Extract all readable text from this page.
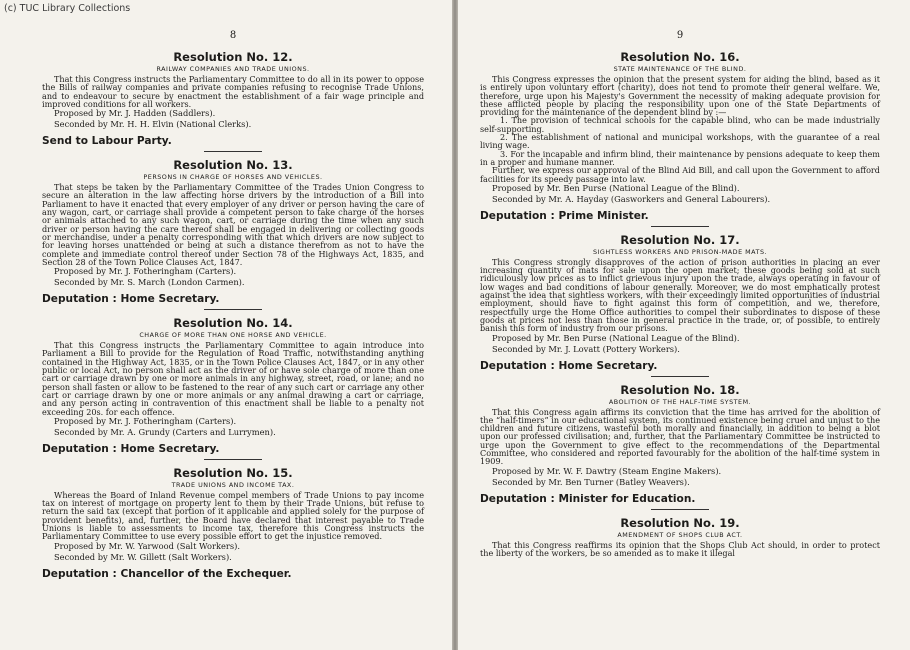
(c) TUC Library Collections
8
Resolution No. 12.
RAILWAY COMPANIES AND TRADE UNIONS.

That this Congress instructs the Parliamentary Committee to do all in its power to oppose the Bills of railway companies and private companies refusing to recognise Trade Unions, and to endeavour to secure by enactment the establishment of a fair wage principle and improved conditions for all workers.

Proposed by Mr. J. Hadden (Saddlers).
Seconded by Mr. H. H. Elvin (National Clerks).
Send to Labour Party.
Resolution No. 13.
PERSONS IN CHARGE OF HORSES AND VEHICLES.

That steps be taken by the Parliamentary Committee of the Trades Union Congress to secure an alteration in the law affecting horse drivers by the introduction of a Bill into Parliament to have it enacted that every employer of any driver or person having the care of any wagon, cart, or carriage shall provide a competent person to take charge of the horses or animals attached to any such wagon, cart, or carriage during the time when any such driver or person having the care thereof shall be engaged in delivering or collecting goods or merchandise, under a penalty corresponding with that which drivers are now subject to for leaving horses unattended or being at such a distance therefrom as not to have the complete and immediate control thereof under Section 78 of the Highways Act, 1835, and Section 28 of the Town Police Clauses Act, 1847.

Proposed by Mr. J. Fotheringham (Carters).
Seconded by Mr. S. March (London Carmen).
Deputation : Home Secretary.
Resolution No. 14.
CHARGE OF MORE THAN ONE HORSE AND VEHICLE.

That this Congress instructs the Parliamentary Committee to again introduce into Parliament a Bill to provide for the Regulation of Road Traffic, notwithstanding anything contained in the Highway Act, 1835, or in the Town Police Clauses Act, 1847, or in any other public or local Act, no person shall act as the driver of or have sole charge of more than one cart or carriage drawn by one or more animals in any highway, street, road, or lane; and no person shall fasten or allow to be fastened to the rear of any such cart or carriage any other cart or carriage drawn by one or more animals or any animal drawing a cart or carriage, and any person acting in contravention of this enactment shall be liable to a penalty not exceeding 20s. for each offence.

Proposed by Mr. J. Fotheringham (Carters).
Seconded by Mr. A. Grundy (Carters and Lurrymen).
Deputation : Home Secretary.
Resolution No. 15.
TRADE UNIONS AND INCOME TAX.

Whereas the Board of Inland Revenue compel members of Trade Unions to pay income tax on interest of mortgage on property lent to them by their Trade Unions, but refuse to return the said tax (except that portion of it applicable and applied solely for the purpose of provident benefits), and, further, the Board have declared that interest payable to Trade Unions is liable to assessments to income tax, therefore this Congress instructs the Parliamentary Committee to use every possible effort to get the injustice removed.

Proposed by Mr. W. Yarwood (Salt Workers).
Seconded by Mr. W. Gillett (Salt Workers).
Deputation : Chancellor of the Exchequer.
9
Resolution No. 16.
STATE MAINTENANCE OF THE BLIND.

This Congress expresses the opinion that the present system for aiding the blind, based as it is entirely upon voluntary effort (charity), does not tend to promote their general welfare. We, therefore, urge upon his Majesty's Government the necessity of making adequate provision for these afflicted people by placing the responsibility upon one of the State Departments of providing for the maintenance of the dependent blind by :—

1. The provision of technical schools for the capable blind, who can be made industrially self-supporting.

2. The establishment of national and municipal workshops, with the guarantee of a real living wage.

3. For the incapable and infirm blind, their maintenance by pensions adequate to keep them in a proper and humane manner.

Further, we express our approval of the Blind Aid Bill, and call upon the Government to afford facilities for its speedy passage into law.

Proposed by Mr. Ben Purse (National League of the Blind).
Seconded by Mr. A. Hayday (Gasworkers and General Labourers).
Deputation : Prime Minister.
Resolution No. 17.
SIGHTLESS WORKERS AND PRISON-MADE MATS.

This Congress strongly disapproves of the action of prison authorities in placing an ever increasing quantity of mats for sale upon the open market; these goods being sold at such ridiculously low prices as to inflict grievous injury upon the trade, always operating in favour of low wages and bad conditions of labour generally. Moreover, we do most emphatically protest against the idea that sightless workers, with their exceedingly limited opportunities of industrial employment, should have to fight against this form of competition, and we, therefore, respectfully urge the Home Office authorities to compel their subordinates to dispose of these goods at prices not less than those in general practice in the trade, or, of possible, to entirely banish this form of industry from our prisons.

Proposed by Mr. Ben Purse (National League of the Blind).
Seconded by Mr. J. Lovatt (Pottery Workers).
Deputation : Home Secretary.
Resolution No. 18.
ABOLITION OF THE HALF-TIME SYSTEM.

That this Congress again affirms its conviction that the time has arrived for the abolition of the “half-timers” in our educational system, its continued existence being cruel and unjust to the children and future citizens, wasteful both morally and financially, in addition to being a blot upon our professed civilisation; and, further, that the Parliamentary Committee be instructed to urge upon the Government to give effect to the recommendations of the Departmental Committee, who considered and reported favourably for the abolition of the half-time system in 1909.

Proposed by Mr. W. F. Dawtry (Steam Engine Makers).
Seconded by Mr. Ben Turner (Batley Weavers).
Deputation : Minister for Education.
Resolution No. 19.
AMENDMENT OF SHOPS CLUB ACT.

That this Congress reaffirms its opinion that the Shops Club Act should, in order to protect the liberty of the workers, be so amended as to make it illegal
